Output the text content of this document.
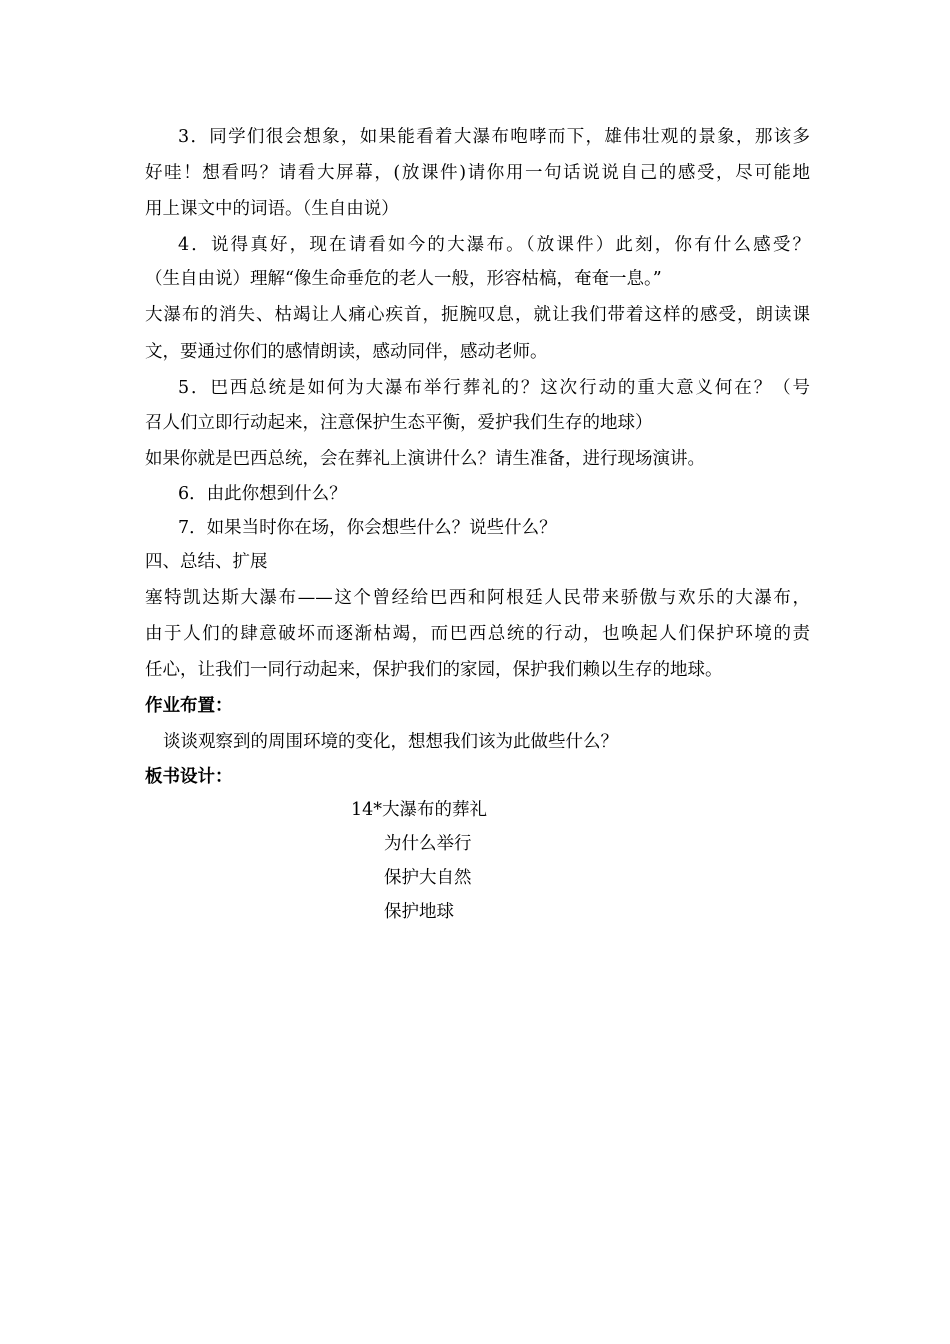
3．同学们很会想象，如果能看着大瀑布咆哮而下，雄伟壮观的景象，那该多
好哇！想看吗？请看大屏幕，(放课件)请你用一句话说说自己的感受，尽可能地
用上课文中的词语。（生自由说）
4．说得真好，现在请看如今的大瀑布。（放课件）此刻，你有什么感受？
（生自由说）理解“像生命垂危的老人一般，形容枯槁，奄奄一息。”
大瀑布的消失、枯竭让人痛心疾首，扼腕叹息，就让我们带着这样的感受，朗读课
文，要通过你们的感情朗读，感动同伴，感动老师。
5．巴西总统是如何为大瀑布举行葬礼的？这次行动的重大意义何在？（号
召人们立即行动起来，注意保护生态平衡，爱护我们生存的地球）
如果你就是巴西总统，会在葬礼上演讲什么？请生准备，进行现场演讲。
6．由此你想到什么？
7．如果当时你在场，你会想些什么？说些什么？
四、总结、扩展
塞特凯达斯大瀑布——这个曾经给巴西和阿根廷人民带来骄傲与欢乐的大瀑布，
由于人们的肆意破坏而逐渐枯竭，而巴西总统的行动，也唤起人们保护环境的责
任心，让我们一同行动起来，保护我们的家园，保护我们赖以生存的地球。
作业布置：
谈谈观察到的周围环境的变化，想想我们该为此做些什么？
板书设计：
14*大瀑布的葬礼
为什么举行
保护大自然
保护地球
